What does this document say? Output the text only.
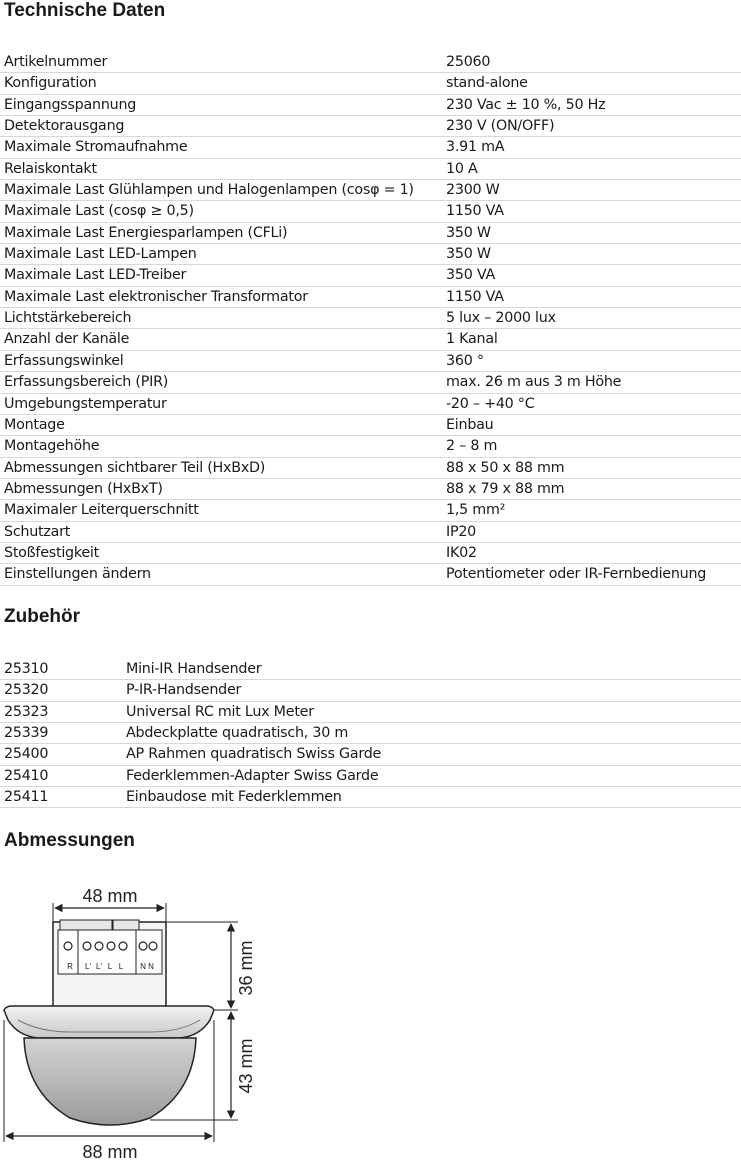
Technische Daten
Artikelnummer	25060
Konfiguration	stand-alone
Eingangsspannung	230 Vac ± 10 %, 50 Hz
Detektorausgang	230 V (ON/OFF)
Maximale Stromaufnahme	3.91 mA
Relaiskontakt	10 A
Maximale Last Glühlampen und Halogenlampen (cosφ = 1) 2300 W
Maximale Last (cosφ ≥ 0,5)	1150 VA
Maximale Last Energiesparlampen (CFLi)	350 W
Maximale Last LED-Lampen	350 W
Maximale Last LED-Treiber	350 VA
Maximale Last elektronischer Transformator	1150 VA
Lichtstärkebereich	5 lux – 2000 lux
Anzahl der Kanäle	1 Kanal
Erfassungswinkel	360 °
Erfassungsbereich (PIR)	max. 26 m aus 3 m Höhe
Umgebungstemperatur	-20 – +40 °C
Montage	Einbau
Montagehöhe	2 – 8 m
Abmessungen sichtbarer Teil (HxBxD)	88 x 50 x 88 mm
Abmessungen (HxBxT)	88 x 79 x 88 mm
Maximaler Leiterquerschnitt	1,5 mm²
Schutzart	IP20
Stoßfestigkeit	IK02
Einstellungen ändern	Potentiometer oder IR-Fernbedienung
Zubehör
25310	Mini-IR Handsender
25320	P-IR-Handsender
25323	Universal RC mit Lux Meter
25339	Abdeckplatte quadratisch, 30 m
25400	AP Rahmen quadratisch Swiss Garde
25410	Federklemmen-Adapter Swiss Garde
25411	Einbaudose mit Federklemmen
Abmessungen
48 mm
R L' L' L L N N	36 mm
43 mm
88 mm
